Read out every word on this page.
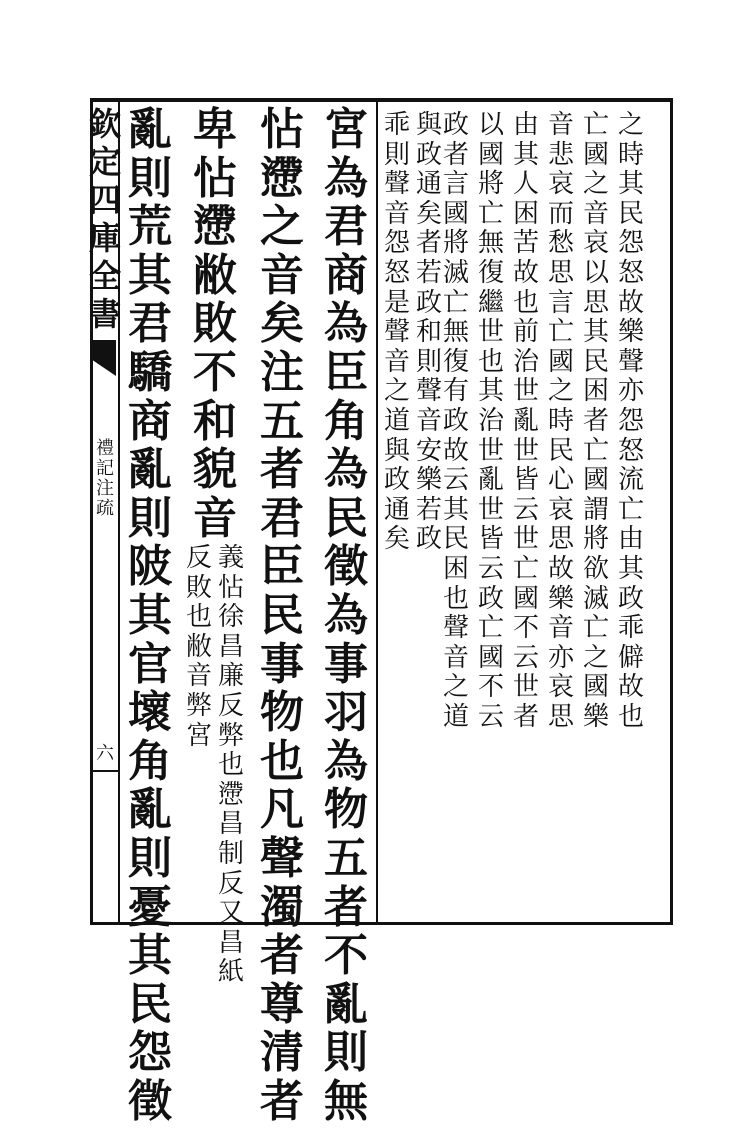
欽
定
四
庫
全
書
禮
記
注
疏
六
之
時
其
民
怨
怒
故
樂
聲
亦
怨
怒
流
亡
由
其
政
乖
僻
故
也
亡
國
之
音
哀
以
思
其
民
困
者
亡
國
謂
將
欲
滅
亡
之
國
樂
音
悲
哀
而
愁
思
言
亡
國
之
時
民
心
哀
思
故
樂
音
亦
哀
思
由
其
人
困
苦
故
也
前
治
世
亂
世
皆
云
世
亡
國
不
云
世
者
以
國
將
亡
無
復
繼
世
也
其
治
世
亂
世
皆
云
政
亡
國
不
云
政
者
言
國
將
滅
亡
無
復
有
政
故
云
其
民
困
也
聲
音
之
道
與
政
通
矣
者
若
政
和
則
聲
音
安
樂
若
政
乖
則
聲
音
怨
怒
是
聲
音
之
道
與
政
通
矣
宮
為
君
商
為
臣
角
為
民
徵
為
事
羽
為
物
五
者
不
亂
則
無
怗
懘
之
音
矣
注
五
者
君
臣
民
事
物
也
凡
聲
濁
者
尊
清
者
卑
怗
懘
敝
敗
不
和
貌
音
義
怗
徐
昌
廉
反
弊
也
懘
昌
制
反
又
昌
紙
反
敗
也
敝
音
弊
宮
亂
則
荒
其
君
驕
商
亂
則
陂
其
官
壞
角
亂
則
憂
其
民
怨
徵
